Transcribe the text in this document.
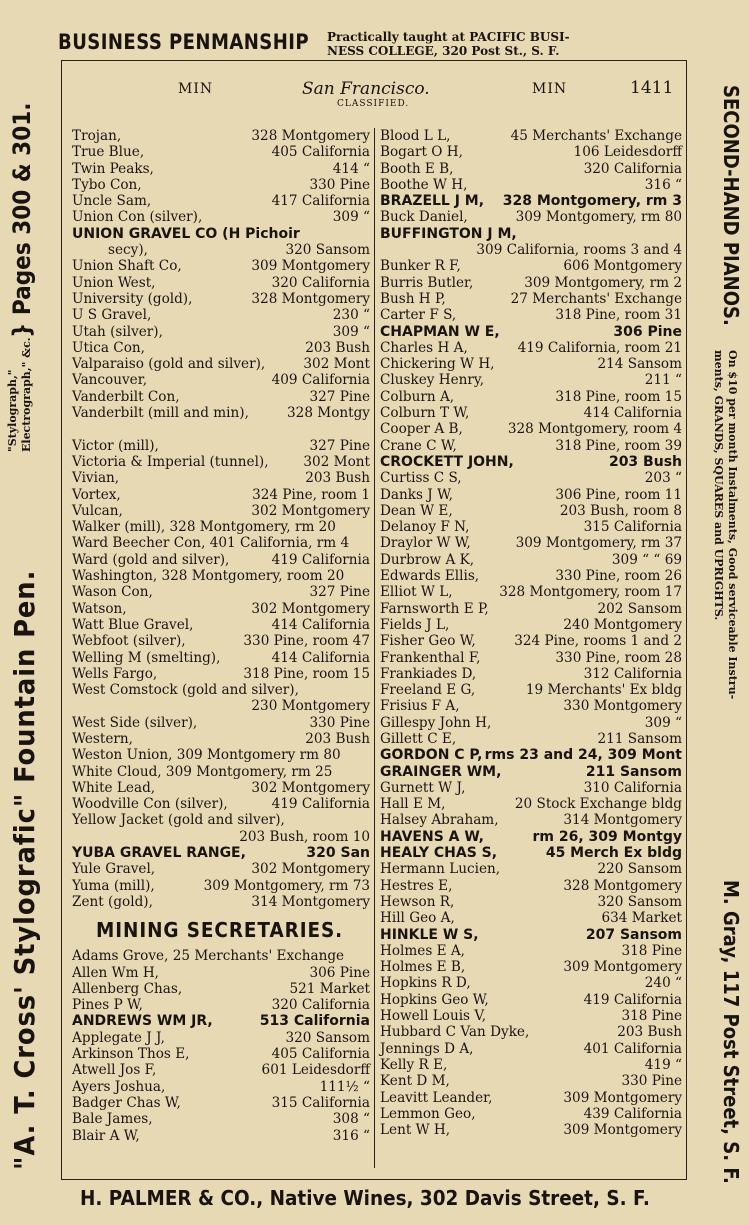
BUSINESS PENMANSHIP Practically taught at PACIFIC BUSI-
NESS COLLEGE, 320 Post St., S. F.
"A. T. Cross' Stylografic" Fountain Pen.
"Stylograph," Electrograph," &c.
} Pages 300 & 301.	SECOND-HAND PIANOS.
On $10 per month Instalments, Good serviceable Instru-
ments, GRANDS, SQUARES and UPRIGHTS.
M. Gray, 117 Post Street, S. F.
MIN	San Francisco.	MIN	1411
CLASSIFIED.
Trojan,	328 Montgomery
True Blue,	405 California
Twin Peaks,	414 “
Tybo Con,	330 Pine
Uncle Sam,	417 California
Union Con (silver),	309 “
UNION GRAVEL CO (H Pichoir
secy),	320 Sansom
Union Shaft Co,	309 Montgomery
Union West,	320 California
University (gold),	328 Montgomery
U S Gravel,	230 “
Utah (silver),	309 “
Utica Con,	203 Bush
Valparaiso (gold and silver),	302 Mont
Vancouver,	409 California
Vanderbilt Con,	327 Pine
Vanderbilt (mill and min),	328 Montgy
Victor (mill),	327 Pine
Victoria & Imperial (tunnel),	302 Mont
Vivian,	203 Bush
Vortex,	324 Pine, room 1
Vulcan,	302 Montgomery
Walker (mill), 328 Montgomery, rm 20
Ward Beecher Con, 401 California, rm 4
Ward (gold and silver),	419 California
Washington, 328 Montgomery, room 20
Wason Con,	327 Pine
Watson,	302 Montgomery
Watt Blue Gravel,	414 California
Webfoot (silver),	330 Pine, room 47
Welling M (smelting),	414 California
Wells Fargo,	318 Pine, room 15
West Comstock (gold and silver),
230 Montgomery
West Side (silver),	330 Pine
Western,	203 Bush
Weston Union, 309 Montgomery rm 80
White Cloud, 309 Montgomery, rm 25
White Lead,	302 Montgomery
Woodville Con (silver),	419 California
Yellow Jacket (gold and silver),
203 Bush, room 10
YUBA GRAVEL RANGE,	320 San
Yule Gravel,	302 Montgomery
Yuma (mill),	309 Montgomery, rm 73
Zent (gold),	314 Montgomery
MINING SECRETARIES.
Adams Grove, 25 Merchants' Exchange
Allen Wm H,	306 Pine
Allenberg Chas,	521 Market
Pines P W,	320 California
ANDREWS WM JR,	513 California
Applegate J J,	320 Sansom
Arkinson Thos E,	405 California
Atwell Jos F,	601 Leidesdorff
Ayers Joshua,	111½ “
Badger Chas W,	315 California
Bale James,	308 “
Blair A W,	316 “
Blood L L,	45 Merchants' Exchange
Bogart O H,	106 Leidesdorff
Booth E B,	320 California
Boothe W H,	316 “
BRAZELL J M, 328 Montgomery, rm 3
Buck Daniel,	309 Montgomery, rm 80
BUFFINGTON J M,
309 California, rooms 3 and 4
Bunker R F,	606 Montgomery
Burris Butler,	309 Montgomery, rm 2
Bush H P,	27 Merchants' Exchange
Carter F S,	318 Pine, room 31
CHAPMAN W E,	306 Pine
Charles H A,	419 California, room 21
Chickering W H,	214 Sansom
Cluskey Henry,	211 “
Colburn A,	318 Pine, room 15
Colburn T W,	414 California
Cooper A B,	328 Montgomery, room 4
Crane C W,	318 Pine, room 39
CROCKETT JOHN,	203 Bush
Curtiss C S,	203 “
Danks J W,	306 Pine, room 11
Dean W E,	203 Bush, room 8
Delanoy F N,	315 California
Draylor W W,	309 Montgomery, rm 37
Durbrow A K,	309 “ “ 69
Edwards Ellis,	330 Pine, room 26
Elliot W L,	328 Montgomery, room 17
Farnsworth E P,	202 Sansom
Fields J L,	240 Montgomery
Fisher Geo W,	324 Pine, rooms 1 and 2
Frankenthal F,	330 Pine, room 28
Frankiades D,	312 California
Freeland E G,	19 Merchants' Ex bldg
Frisius F A,	330 Montgomery
Gillespy John H,	309 “
Gillett C E,	211 Sansom
GORDON C P, rms 23 and 24, 309 Mont
GRAINGER WM,	211 Sansom
Gurnett W J,	310 California
Hall E M,	20 Stock Exchange bldg
Halsey Abraham,	314 Montgomery
HAVENS A W,	rm 26, 309 Montgy
HEALY CHAS S,	45 Merch Ex bldg
Hermann Lucien,	220 Sansom
Hestres E,	328 Montgomery
Hewson R,	320 Sansom
Hill Geo A,	634 Market
HINKLE W S,	207 Sansom
Holmes E A,	318 Pine
Holmes E B,	309 Montgomery
Hopkins R D,	240 “
Hopkins Geo W,	419 California
Howell Louis V,	318 Pine
Hubbard C Van Dyke,	203 Bush
Jennings D A,	401 California
Kelly R E,	419 “
Kent D M,	330 Pine
Leavitt Leander,	309 Montgomery
Lemmon Geo,	439 California
Lent W H,	309 Montgomery
H. PALMER & CO., Native Wines, 302 Davis Street, S. F.
